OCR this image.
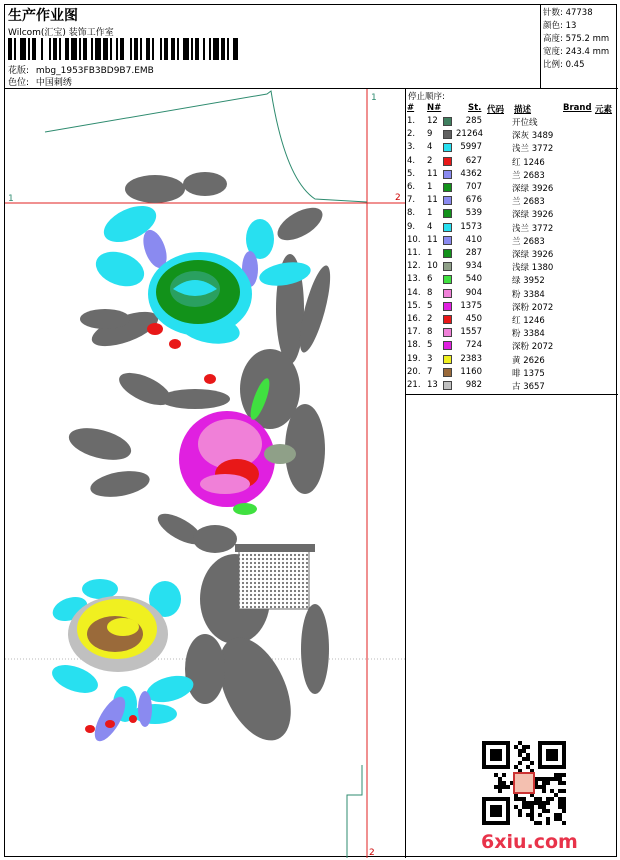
生产作业图
Wilcom(汇宝) 装饰工作室
花版: mbg_1953FB3BD9B7.EMB
色位: 中国刺绣
针数: 47738
颜色: 13
高度: 575.2 mm
宽度: 243.4 mm
比例: 0.45
1
1	2
2
停止顺序:
# N#	St. 代码 描述	Brand 元素
1. 12	285	开位线
2. 9	21264	深灰 3489
3. 4	5997	浅兰 3772
4. 2	627	红 1246
5. 11	4362	兰 2683
6. 1	707	深绿 3926
7. 11	676	兰 2683
8. 1	539	深绿 3926
9. 4	1573	浅兰 3772
10. 11	410	兰 2683
11. 1	287	深绿 3926
12. 10	934	浅绿 1380
13. 6	540	绿 3952
14. 8	904	粉 3384
15. 5	1375	深粉 2072
16. 2	450	红 1246
17. 8	1557	粉 3384
18. 5	724	深粉 2072
19. 3	2383	黄 2626
20. 7	1160	啡 1375
21. 13	982	古 3657
6xiu.com
